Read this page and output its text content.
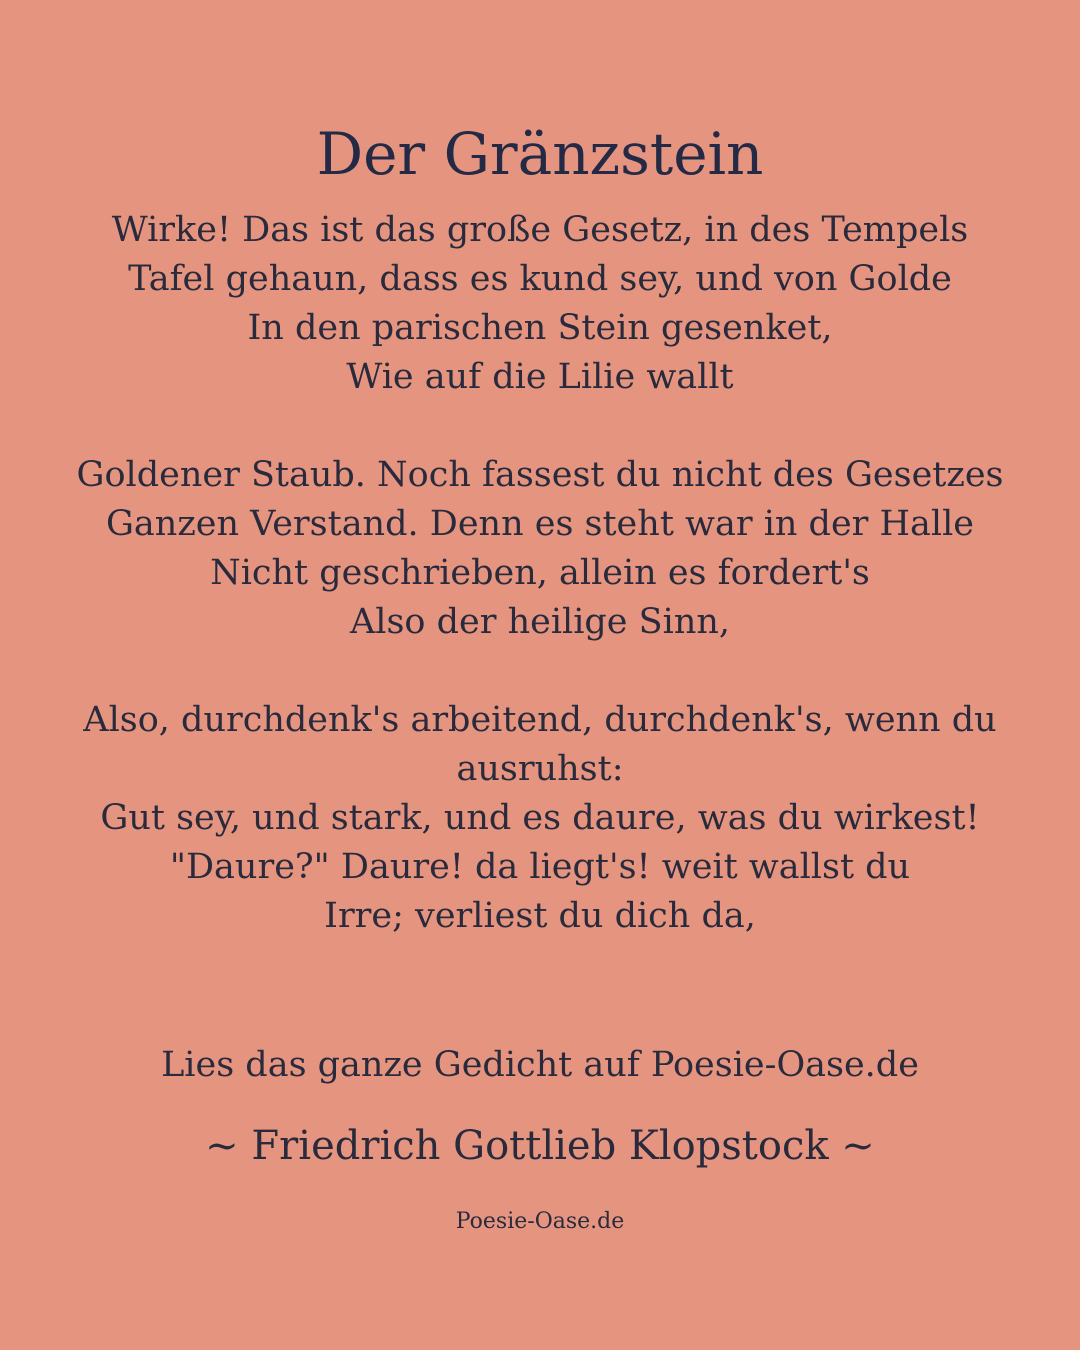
Der Gränzstein
Wirke! Das ist das große Gesetz, in des Tempels
Tafel gehaun, dass es kund sey, und von Golde
In den parischen Stein gesenket,
Wie auf die Lilie wallt
Goldener Staub. Noch fassest du nicht des Gesetzes
Ganzen Verstand. Denn es steht war in der Halle
Nicht geschrieben, allein es fordert's
Also der heilige Sinn,
Also, durchdenk's arbeitend, durchdenk's, wenn du
ausruhst:
Gut sey, und stark, und es daure, was du wirkest!
"Daure?" Daure! da liegt's! weit wallst du
Irre; verliest du dich da,
Lies das ganze Gedicht auf Poesie-Oase.de
~ Friedrich Gottlieb Klopstock ~
Poesie-Oase.de
